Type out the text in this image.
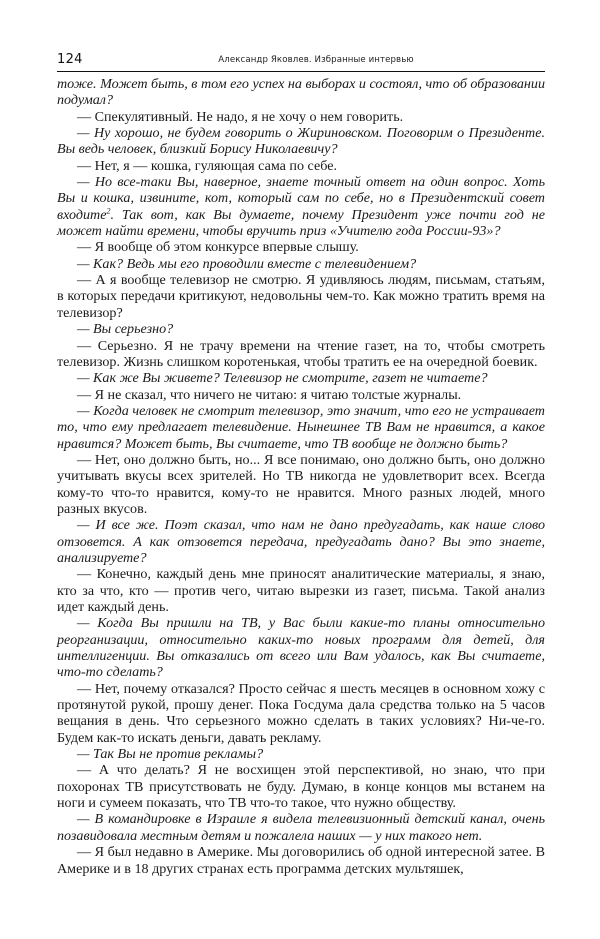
124	Александр Яковлев. Избранные интервью

тоже. Может быть, в том его успех на выборах и состоял, что об образовании подумал?

— Спекулятивный. Не надо, я не хочу о нем говорить.

— Ну хорошо, не будем говорить о Жириновском. Поговорим о Президенте. Вы ведь человек, близкий Борису Николаевичу?

— Нет, я — кошка, гуляющая сама по себе.

— Но все-таки Вы, наверное, знаете точный ответ на один вопрос. Хоть Вы и кошка, извините, кот, который сам по себе, но в Президентский совет входите$^2$. Так вот, как Вы думаете, почему Президент уже почти год не может найти времени, чтобы вручить приз «Учителю года России-93»?

— Я вообще об этом конкурсе впервые слышу.

— Как? Ведь мы его проводили вместе с телевидением?

— А я вообще телевизор не смотрю. Я удивляюсь людям, письмам, статьям, в которых передачи критикуют, недовольны чем-то. Как можно тратить время на телевизор?

— Вы серьезно?

— Серьезно. Я не трачу времени на чтение газет, на то, чтобы смотреть телевизор. Жизнь слишком коротенькая, чтобы тратить ее на очередной боевик.

— Как же Вы живете? Телевизор не смотрите, газет не читаете?

— Я не сказал, что ничего не читаю: я читаю толстые журналы.

— Когда человек не смотрит телевизор, это значит, что его не устраивает то, что ему предлагает телевидение. Нынешнее ТВ Вам не нравится, а какое нравится? Может быть, Вы считаете, что ТВ вообще не должно быть?

— Нет, оно должно быть, но... Я все понимаю, оно должно быть, оно должно учитывать вкусы всех зрителей. Но ТВ никогда не удовлетворит всех. Всегда кому-то что-то нравится, кому-то не нравится. Много разных людей, много разных вкусов.

— И все же. Поэт сказал, что нам не дано предугадать, как наше слово отзовется. А как отзовется передача, предугадать дано? Вы это знаете, анализируете?

— Конечно, каждый день мне приносят аналитические материалы, я знаю, кто за что, кто — против чего, читаю вырезки из газет, письма. Такой анализ идет каждый день.

— Когда Вы пришли на ТВ, у Вас были какие-то планы относительно реорганизации, относительно каких-то новых программ для детей, для интеллигенции. Вы отказались от всего или Вам удалось, как Вы считаете, что-то сделать?

— Нет, почему отказался? Просто сейчас я шесть месяцев в основном хожу с протянутой рукой, прошу денег. Пока Госдума дала средства только на 5 часов вещания в день. Что серьезного можно сделать в таких условиях? Ни-че-го. Будем как-то искать деньги, давать рекламу.

— Так Вы не против рекламы?

— А что делать? Я не восхищен этой перспективой, но знаю, что при похоронах ТВ присутствовать не буду. Думаю, в конце концов мы встанем на ноги и сумеем показать, что ТВ что-то такое, что нужно обществу.

— В командировке в Израиле я видела телевизионный детский канал, очень позавидовала местным детям и пожалела наших — у них такого нет.

— Я был недавно в Америке. Мы договорились об одной интересной затее. В Америке и в 18 других странах есть программа детских мультяшек,
